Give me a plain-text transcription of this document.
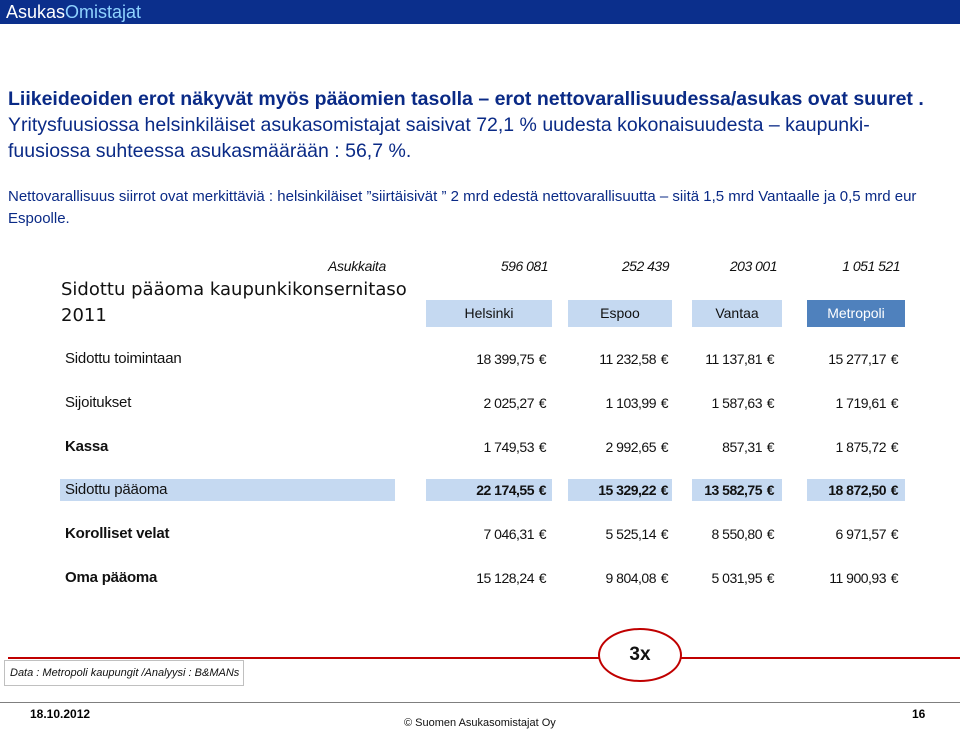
AsukasOmistajat
Liikeideoiden erot näkyvät myös pääomien tasolla – erot nettovarallisuudessa/asukas ovat suuret .
Yritysfuusiossa helsinkiläiset asukasomistajat saisivat 72,1 % uudesta kokonaisuudesta – kaupunki-
fuusiossa suhteessa asukasmäärään : 56,7 %.
Nettovarallisuus siirrot ovat merkittäviä : helsinkiläiset ”siirtäisivät ” 2 mrd edestä nettovarallisuutta – siitä 1,5 mrd Vantaalle ja 0,5 mrd eur Espoolle.
Asukkaita	596 081	252 439	203 001	1 051 521
Sidottu pääoma kaupunkikonsernitaso
2011	Helsinki	Espoo	Vantaa	Metropoli
Sidottu toimintaan	18 399,75 €	11 232,58 €	11 137,81 €	15 277,17 €
Sijoitukset	2 025,27 €	1 103,99 €	1 587,63 €	1 719,61 €
Kassa	1 749,53 €	2 992,65 €	857,31 €	1 875,72 €
Sidottu pääoma	22 174,55 €	15 329,22 €	13 582,75 €	18 872,50 €
Korolliset velat	7 046,31 €	5 525,14 €	8 550,80 €	6 971,57 €
Oma pääoma	15 128,24 €	9 804,08 €	5 031,95 €	11 900,93 €
Data : Metropoli kaupungit /Analyysi : B&MANs
3x
18.10.2012
© Suomen Asukasomistajat Oy
16
